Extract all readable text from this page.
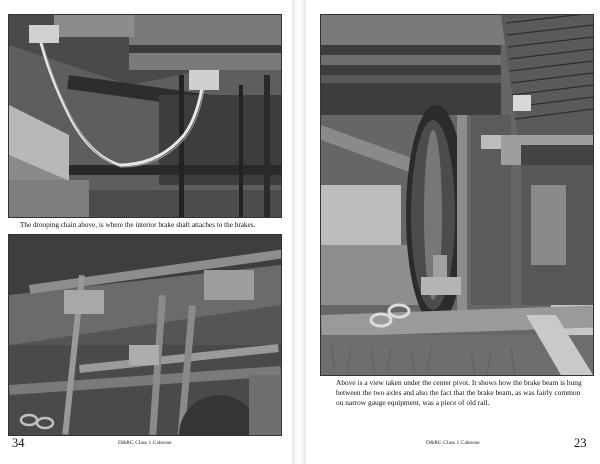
The drooping chain above, is where the interior brake shaft attaches to the brakes.
34	D&RG Class 1 Caboose
Above is a view taken under the center pivot. It shows how the brake beam is hung between the two axles and also the fact that the brake beam, as was fairly common on narrow gauge equipment, was a piece of old rail.
D&RG Class 1 Caboose	23
